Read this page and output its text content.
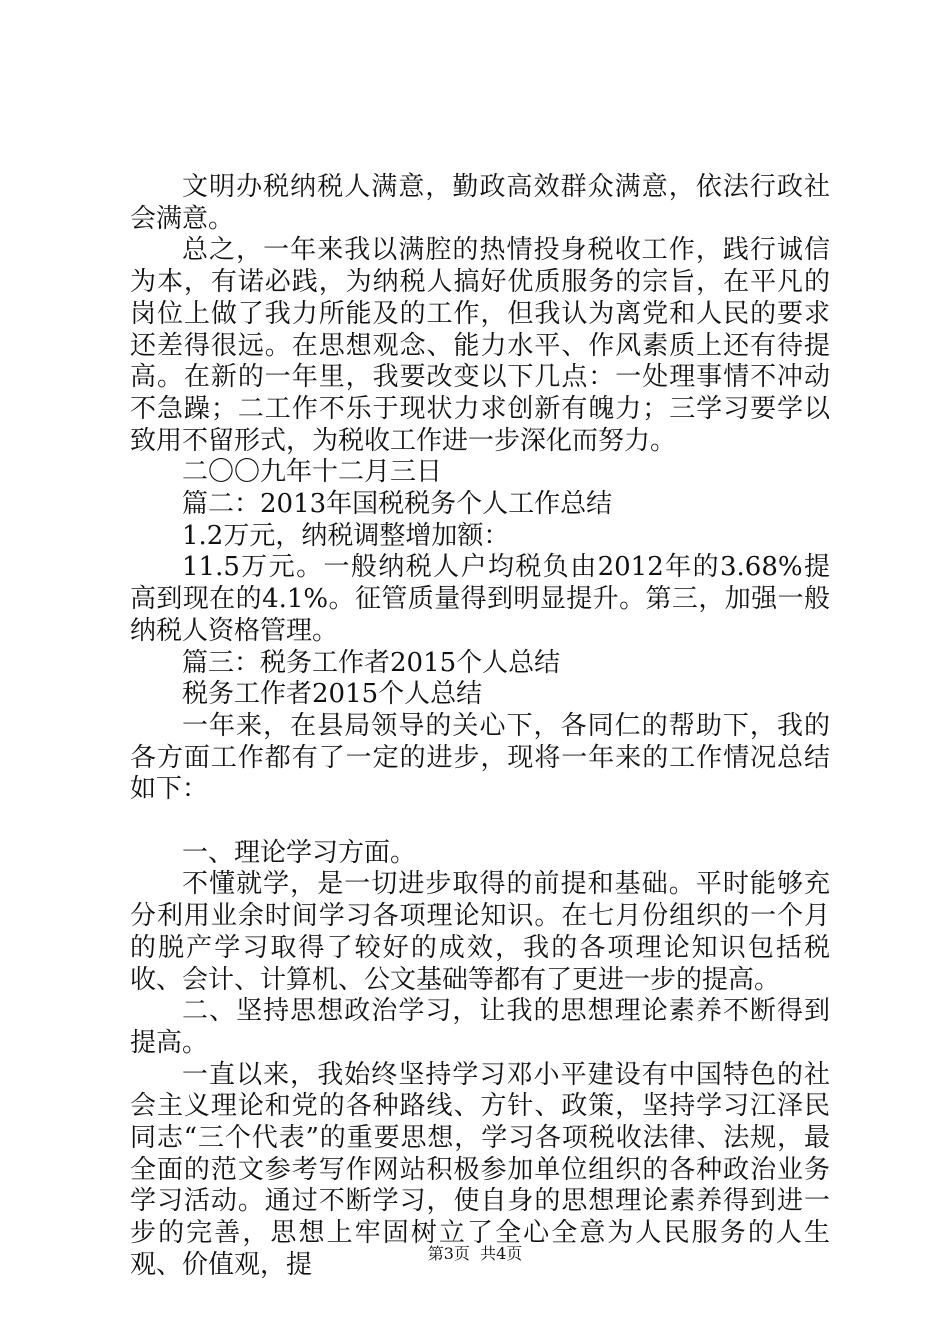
文明办税纳税人满意，勤政高效群众满意，依法行政社会满意。

总之，一年来我以满腔的热情投身税收工作，践行诚信为本，有诺必践，为纳税人搞好优质服务的宗旨，在平凡的岗位上做了我力所能及的工作，但我认为离党和人民的要求还差得很远。在思想观念、能力水平、作风素质上还有待提高。在新的一年里，我要改变以下几点：一处理事情不冲动不急躁；二工作不乐于现状力求创新有魄力；三学习要学以致用不留形式，为税收工作进一步深化而努力。

二〇〇九年十二月三日

篇二：2013年国税税务个人工作总结

1.2万元，纳税调整增加额：

11.5万元。一般纳税人户均税负由2012年的3.68%提高到现在的4.1%。征管质量得到明显提升。第三，加强一般纳税人资格管理。

篇三：税务工作者2015个人总结

税务工作者2015个人总结

一年来，在县局领导的关心下，各同仁的帮助下，我的各方面工作都有了一定的进步，现将一年来的工作情况总结如下：

一、理论学习方面。

不懂就学，是一切进步取得的前提和基础。平时能够充分利用业余时间学习各项理论知识。在七月份组织的一个月的脱产学习取得了较好的成效，我的各项理论知识包括税收、会计、计算机、公文基础等都有了更进一步的提高。

二、坚持思想政治学习，让我的思想理论素养不断得到提高。

一直以来，我始终坚持学习邓小平建设有中国特色的社会主义理论和党的各种路线、方针、政策，坚持学习江泽民同志“三个代表”的重要思想，学习各项税收法律、法规，最全面的范文参考写作网站积极参加单位组织的各种政治业务学习活动。通过不断学习，使自身的思想理论素养得到进一步的完善，思想上牢固树立了全心全意为人民服务的人生观、价值观，提	第3页  共4页
